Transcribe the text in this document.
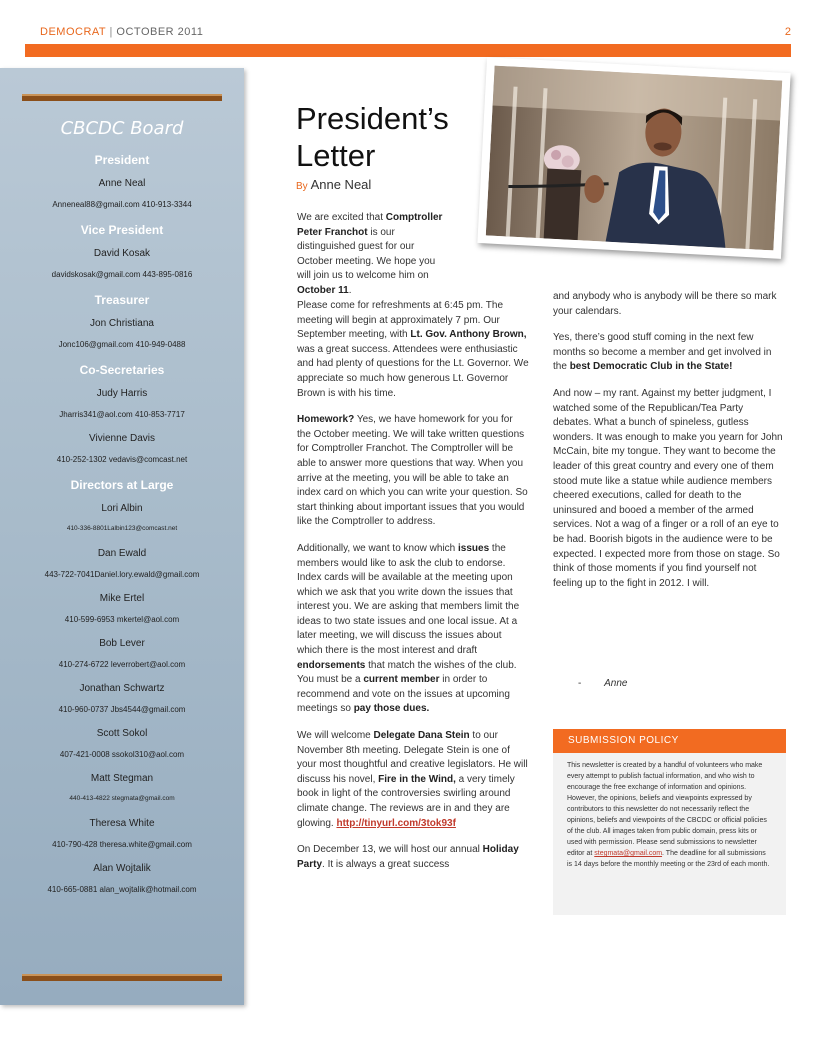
DEMOCRAT | OCTOBER 2011	2
CBCDC Board
President
Anne Neal
Anneneal88@gmail.com 410-913-3344
Vice President
David Kosak
davidskosak@gmail.com 443-895-0816
Treasurer
Jon Christiana
Jonc106@gmail.com 410-949-0488
Co-Secretaries
Judy Harris
Jharris341@aol.com 410-853-7717
Vivienne Davis
410-252-1302 vedavis@comcast.net
Directors at Large
Lori Albin
410-336-8801Lalbin123@comcast.net
Dan Ewald
443-722-7041Daniel.lory.ewald@gmail.com
Mike Ertel
410-599-6953 mkertel@aol.com
Bob Lever
410-274-6722 leverrobert@aol.com
Jonathan Schwartz
410-960-0737 Jbs4544@gmail.com
Scott Sokol
407-421-0008 ssokol310@aol.com
Matt Stegman
440-413-4822 stegmata@gmail.com
Theresa White
410-790-428 theresa.white@gmail.com
Alan Wojtalik
410-665-0881 alan_wojtalik@hotmail.com
President’s
Letter
By Anne Neal

We are excited that Comptroller Peter Franchot is our distinguished guest for our October meeting. We hope you will join us to welcome him on October 11.

Please come for refreshments at 6:45 pm. The meeting will begin at approximately 7 pm. Our September meeting, with Lt. Gov. Anthony Brown, was a great success. Attendees were enthusiastic and had plenty of questions for the Lt. Governor. We appreciate so much how generous Lt. Governor Brown is with his time.

Homework? Yes, we have homework for you for the October meeting. We will take written questions for Comptroller Franchot. The Comptroller will be able to answer more questions that way. When you arrive at the meeting, you will be able to take an index card on which you can write your question. So start thinking about important issues that you would like the Comptroller to address.

Additionally, we want to know which issues the members would like to ask the club to endorse. Index cards will be available at the meeting upon which we ask that you write down the issues that interest you. We are asking that members limit the ideas to two state issues and one local issue. At a later meeting, we will discuss the issues about which there is the most interest and draft endorsements that match the wishes of the club. You must be a current member in order to recommend and vote on the issues at upcoming meetings so pay those dues.

We will welcome Delegate Dana Stein to our November 8th meeting. Delegate Stein is one of your most thoughtful and creative legislators. He will discuss his novel, Fire in the Wind, a very timely book in light of the controversies swirling around climate change. The reviews are in and they are glowing. http://tinyurl.com/3tok93f

On December 13, we will host our annual Holiday Party. It is always a great success

and anybody who is anybody will be there so mark your calendars.

Yes, there’s good stuff coming in the next few months so become a member and get involved in the best Democratic Club in the State!

And now – my rant. Against my better judgment, I watched some of the Republican/Tea Party debates. What a bunch of spineless, gutless wonders. It was enough to make you yearn for John McCain, bite my tongue. They want to become the leader of this great country and every one of them stood mute like a statue while audience members cheered executions, called for death to the uninsured and booed a member of the armed services. Not a wag of a finger or a roll of an eye to be had. Boorish bigots in the audience were to be expected. I expected more from those on stage. So think of those moments if you find yourself not feeling up to the fight in 2012. I will.

- Anne
SUBMISSION POLICY
This newsletter is created by a handful of volunteers who make every attempt to publish factual information, and who wish to encourage the free exchange of information and opinions. However, the opinions, beliefs and viewpoints expressed by contributors to this newsletter do not necessarily reflect the opinions, beliefs and viewpoints of the CBCDC or official policies of the club. All images taken from public domain, press kits or used with permission. Please send submissions to newsletter editor at stegmata@gmail.com. The deadline for all submissions is 14 days before the monthly meeting or the 23rd of each month.
